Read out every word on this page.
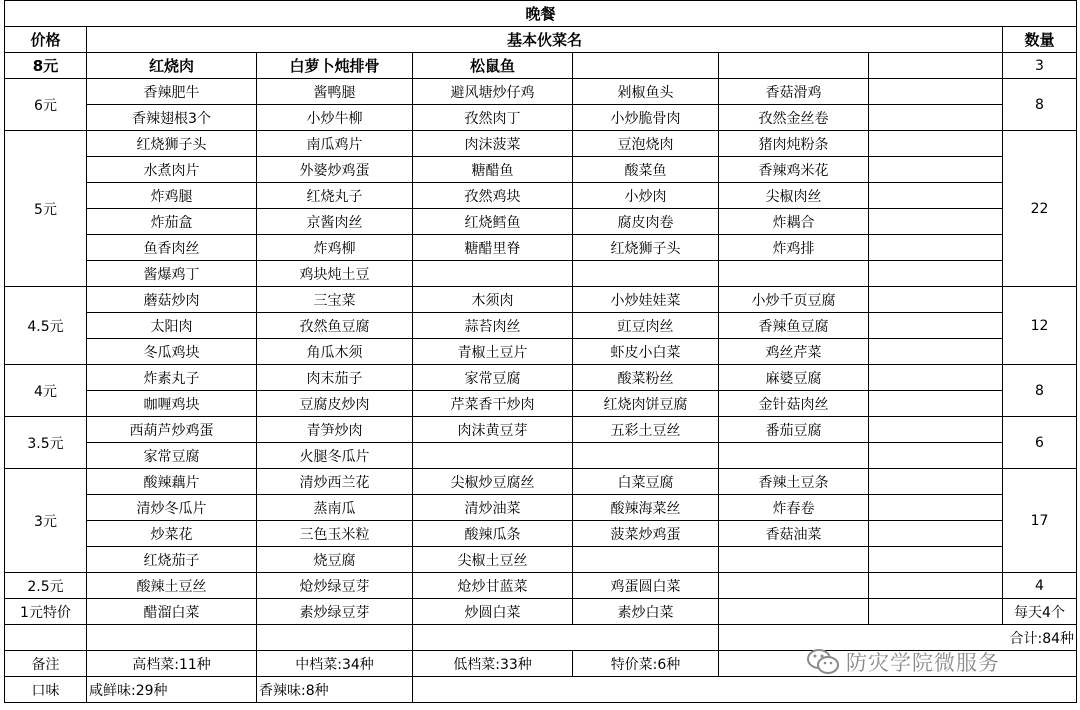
晚餐							
价格	基本伙菜名						数量
8元	红烧肉	白萝卜炖排骨	松鼠鱼				3
6元	香辣肥牛	酱鸭腿	避风塘炒仔鸡	剁椒鱼头	香菇滑鸡		8
	香辣翅根3个	小炒牛柳	孜然肉丁	小炒脆骨肉	孜然金丝卷		
5元	红烧狮子头	南瓜鸡片	肉沫菠菜	豆泡烧肉	猪肉炖粉条		22
	水煮肉片	外婆炒鸡蛋	糖醋鱼	酸菜鱼	香辣鸡米花		
	炸鸡腿	红烧丸子	孜然鸡块	小炒肉	尖椒肉丝		
	炸茄盒	京酱肉丝	红烧鳕鱼	腐皮肉卷	炸耦合		
	鱼香肉丝	炸鸡柳	糖醋里脊	红烧狮子头	炸鸡排		
	酱爆鸡丁	鸡块炖土豆					
4.5元	蘑菇炒肉	三宝菜	木须肉	小炒娃娃菜	小炒千页豆腐		12
	太阳肉	孜然鱼豆腐	蒜苔肉丝	豇豆肉丝	香辣鱼豆腐		
	冬瓜鸡块	角瓜木须	青椒土豆片	虾皮小白菜	鸡丝芹菜		
4元	炸素丸子	肉末茄子	家常豆腐	酸菜粉丝	麻婆豆腐		8
	咖喱鸡块	豆腐皮炒肉	芹菜香干炒肉	红烧肉饼豆腐	金针菇肉丝		
3.5元	西葫芦炒鸡蛋	青笋炒肉	肉沫黄豆芽	五彩土豆丝	番茄豆腐		6
	家常豆腐	火腿冬瓜片					
3元	酸辣藕片	清炒西兰花	尖椒炒豆腐丝	白菜豆腐	香辣土豆条		17
	清炒冬瓜片	蒸南瓜	清炒油菜	酸辣海菜丝	炸春卷		
	炒菜花	三色玉米粒	酸辣瓜条	菠菜炒鸡蛋	香菇油菜		
	红烧茄子	烧豆腐	尖椒土豆丝				
2.5元	酸辣土豆丝	炝炒绿豆芽	炝炒甘蓝菜	鸡蛋圆白菜			4
1元特价	醋溜白菜	素炒绿豆芽	炒圆白菜	素炒白菜			每天4个
					合计:84种		
备注	高档菜:11种	中档菜:34种	低档菜:33种	特价菜:6种			
口味	咸鲜味:29种	香辣味:8种					
防灾学院微服务
